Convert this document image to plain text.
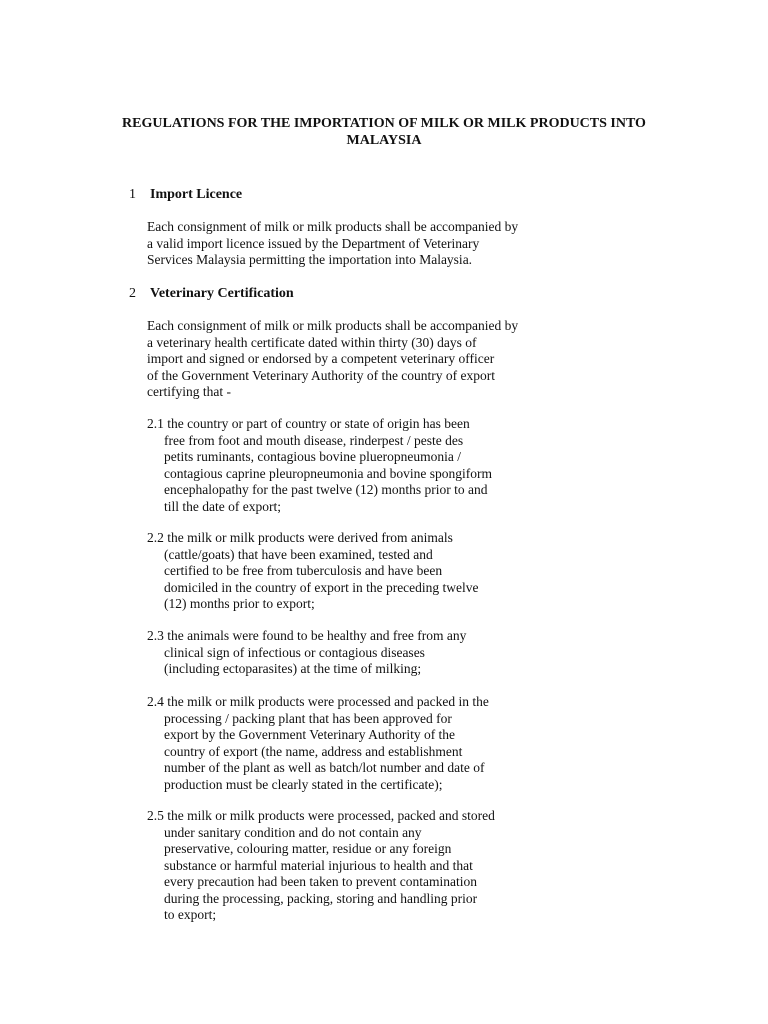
REGULATIONS FOR THE IMPORTATION OF MILK OR MILK PRODUCTS INTO
MALAYSIA
1 Import Licence
Each consignment of milk or milk products shall be accompanied by
a valid import licence issued by the Department of Veterinary
Services Malaysia permitting the importation into Malaysia.
2 Veterinary Certification
Each consignment of milk or milk products shall be accompanied by
a veterinary health certificate dated within thirty (30) days of
import and signed or endorsed by a competent veterinary officer
of the Government Veterinary Authority of the country of export
certifying that -
2.1 the country or part of country or state of origin has been
free from foot and mouth disease, rinderpest / peste des
petits ruminants, contagious bovine plueropneumonia /
contagious caprine pleuropneumonia and bovine spongiform
encephalopathy for the past twelve (12) months prior to and
till the date of export;
2.2 the milk or milk products were derived from animals
(cattle/goats) that have been examined, tested and
certified to be free from tuberculosis and have been
domiciled in the country of export in the preceding twelve
(12) months prior to export;
2.3 the animals were found to be healthy and free from any
clinical sign of infectious or contagious diseases
(including ectoparasites) at the time of milking;
2.4 the milk or milk products were processed and packed in the
processing / packing plant that has been approved for
export by the Government Veterinary Authority of the
country of export (the name, address and establishment
number of the plant as well as batch/lot number and date of
production must be clearly stated in the certificate);
2.5 the milk or milk products were processed, packed and stored
under sanitary condition and do not contain any
preservative, colouring matter, residue or any foreign
substance or harmful material injurious to health and that
every precaution had been taken to prevent contamination
during the processing, packing, storing and handling prior
to export;
